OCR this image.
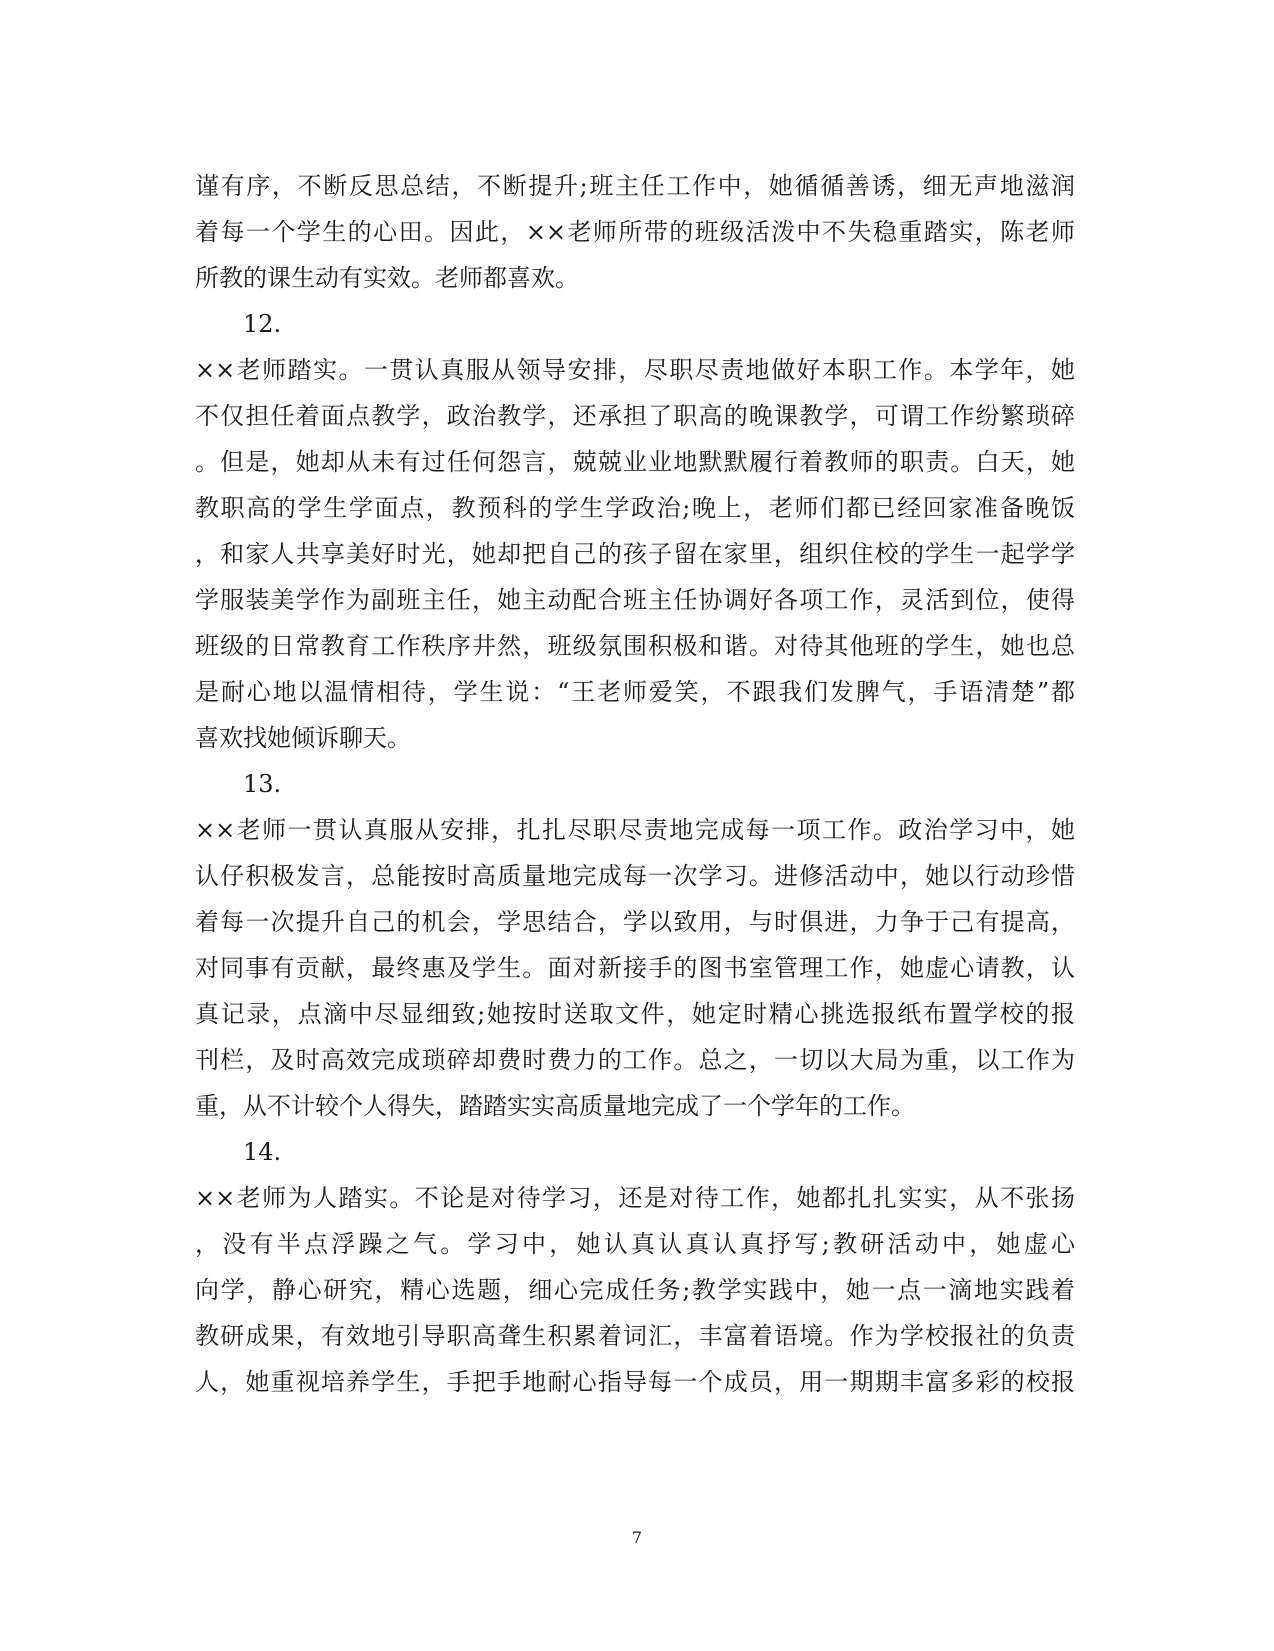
谨有序，不断反思总结，不断提升;班主任工作中，她循循善诱，细无声地滋润
着每一个学生的心田。因此，××老师所带的班级活泼中不失稳重踏实，陈老师
所教的课生动有实效。老师都喜欢。
12.
××老师踏实。一贯认真服从领导安排，尽职尽责地做好本职工作。本学年，她
不仅担任着面点教学，政治教学，还承担了职高的晚课教学，可谓工作纷繁琐碎
。但是，她却从未有过任何怨言，兢兢业业地默默履行着教师的职责。白天，她
教职高的学生学面点，教预科的学生学政治;晚上，老师们都已经回家准备晚饭
，和家人共享美好时光，她却把自己的孩子留在家里，组织住校的学生一起学学
学服装美学作为副班主任，她主动配合班主任协调好各项工作，灵活到位，使得
班级的日常教育工作秩序井然，班级氛围积极和谐。对待其他班的学生，她也总
是耐心地以温情相待，学生说：“王老师爱笑，不跟我们发脾气，手语清楚”都
喜欢找她倾诉聊天。
13.
××老师一贯认真服从安排，扎扎尽职尽责地完成每一项工作。政治学习中，她
认仔积极发言，总能按时高质量地完成每一次学习。进修活动中，她以行动珍惜
着每一次提升自己的机会，学思结合，学以致用，与时俱进，力争于己有提高，
对同事有贡献，最终惠及学生。面对新接手的图书室管理工作，她虚心请教，认
真记录，点滴中尽显细致;她按时送取文件，她定时精心挑选报纸布置学校的报
刊栏，及时高效完成琐碎却费时费力的工作。总之，一切以大局为重，以工作为
重，从不计较个人得失，踏踏实实高质量地完成了一个学年的工作。
14.
××老师为人踏实。不论是对待学习，还是对待工作，她都扎扎实实，从不张扬
，没有半点浮躁之气。学习中，她认真认真认真抒写;教研活动中，她虚心
向学，静心研究，精心选题，细心完成任务;教学实践中，她一点一滴地实践着
教研成果，有效地引导职高聋生积累着词汇，丰富着语境。作为学校报社的负责
人，她重视培养学生，手把手地耐心指导每一个成员，用一期期丰富多彩的校报
7
